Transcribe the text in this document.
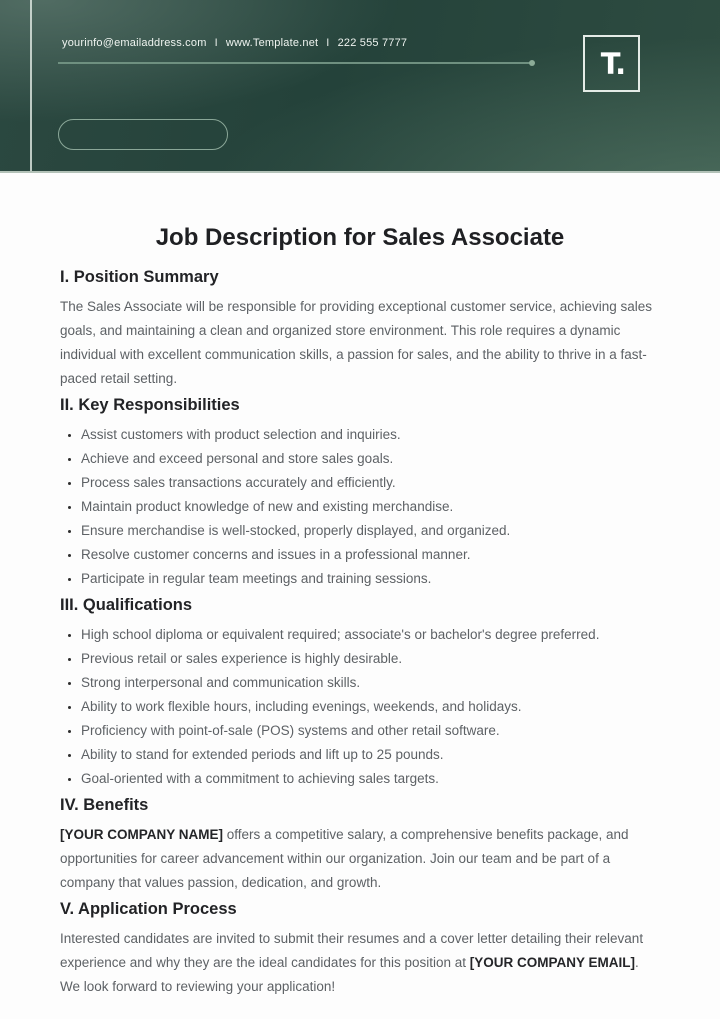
yourinfo@emailaddress.com I www.Template.net I 222 555 7777
T.
Job Description for Sales Associate
I. Position Summary

The Sales Associate will be responsible for providing exceptional customer service, achieving sales goals, and maintaining a clean and organized store environment. This role requires a dynamic individual with excellent communication skills, a passion for sales, and the ability to thrive in a fast-paced retail setting.

II. Key Responsibilities
• Assist customers with product selection and inquiries.
• Achieve and exceed personal and store sales goals.
• Process sales transactions accurately and efficiently.
• Maintain product knowledge of new and existing merchandise.
• Ensure merchandise is well-stocked, properly displayed, and organized.
• Resolve customer concerns and issues in a professional manner.
• Participate in regular team meetings and training sessions.
III. Qualifications
• High school diploma or equivalent required; associate's or bachelor's degree preferred.
• Previous retail or sales experience is highly desirable.
• Strong interpersonal and communication skills.
• Ability to work flexible hours, including evenings, weekends, and holidays.
• Proficiency with point-of-sale (POS) systems and other retail software.
• Ability to stand for extended periods and lift up to 25 pounds.
• Goal-oriented with a commitment to achieving sales targets.
IV. Benefits

[YOUR COMPANY NAME] offers a competitive salary, a comprehensive benefits package, and opportunities for career advancement within our organization. Join our team and be part of a company that values passion, dedication, and growth.

V. Application Process

Interested candidates are invited to submit their resumes and a cover letter detailing their relevant experience and why they are the ideal candidates for this position at [YOUR COMPANY EMAIL]. We look forward to reviewing your application!
